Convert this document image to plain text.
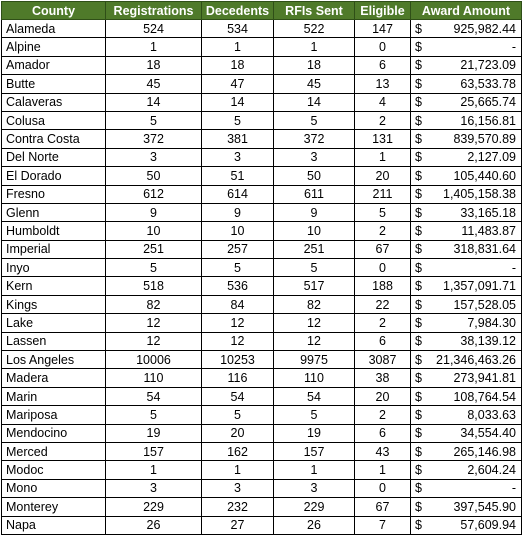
County	Registrations	Decedents	RFIs Sent	Eligible	Award Amount
Alameda	524	534	522	147	$ 925,982.44

Alpine	1	1	1	0	$ -

Amador	18	18	18	6	$ 21,723.09

Butte	45	47	45	13	$ 63,533.78

Calaveras	14	14	14	4	$ 25,665.74

Colusa	5	5	5	2	$ 16,156.81

Contra Costa	372	381	372	131	$ 839,570.89

Del Norte	3	3	3	1	$ 2,127.09

El Dorado	50	51	50	20	$ 105,440.60

Fresno	612	614	611	211	$ 1,405,158.38

Glenn	9	9	9	5	$ 33,165.18

Humboldt	10	10	10	2	$ 11,483.87

Imperial	251	257	251	67	$ 318,831.64

Inyo	5	5	5	0	$ -

Kern	518	536	517	188	$ 1,357,091.71

Kings	82	84	82	22	$ 157,528.05

Lake	12	12	12	2	$ 7,984.30

Lassen	12	12	12	6	$ 38,139.12

Los Angeles	10006	10253	9975	3087	$ 21,346,463.26

Madera	110	116	110	38	$ 273,941.81

Marin	54	54	54	20	$ 108,764.54

Mariposa	5	5	5	2	$ 8,033.63

Mendocino	19	20	19	6	$ 34,554.40

Merced	157	162	157	43	$ 265,146.98

Modoc	1	1	1	1	$ 2,604.24

Mono	3	3	3	0	$ -

Monterey	229	232	229	67	$ 397,545.90

Napa	26	27	26	7	$ 57,609.94
